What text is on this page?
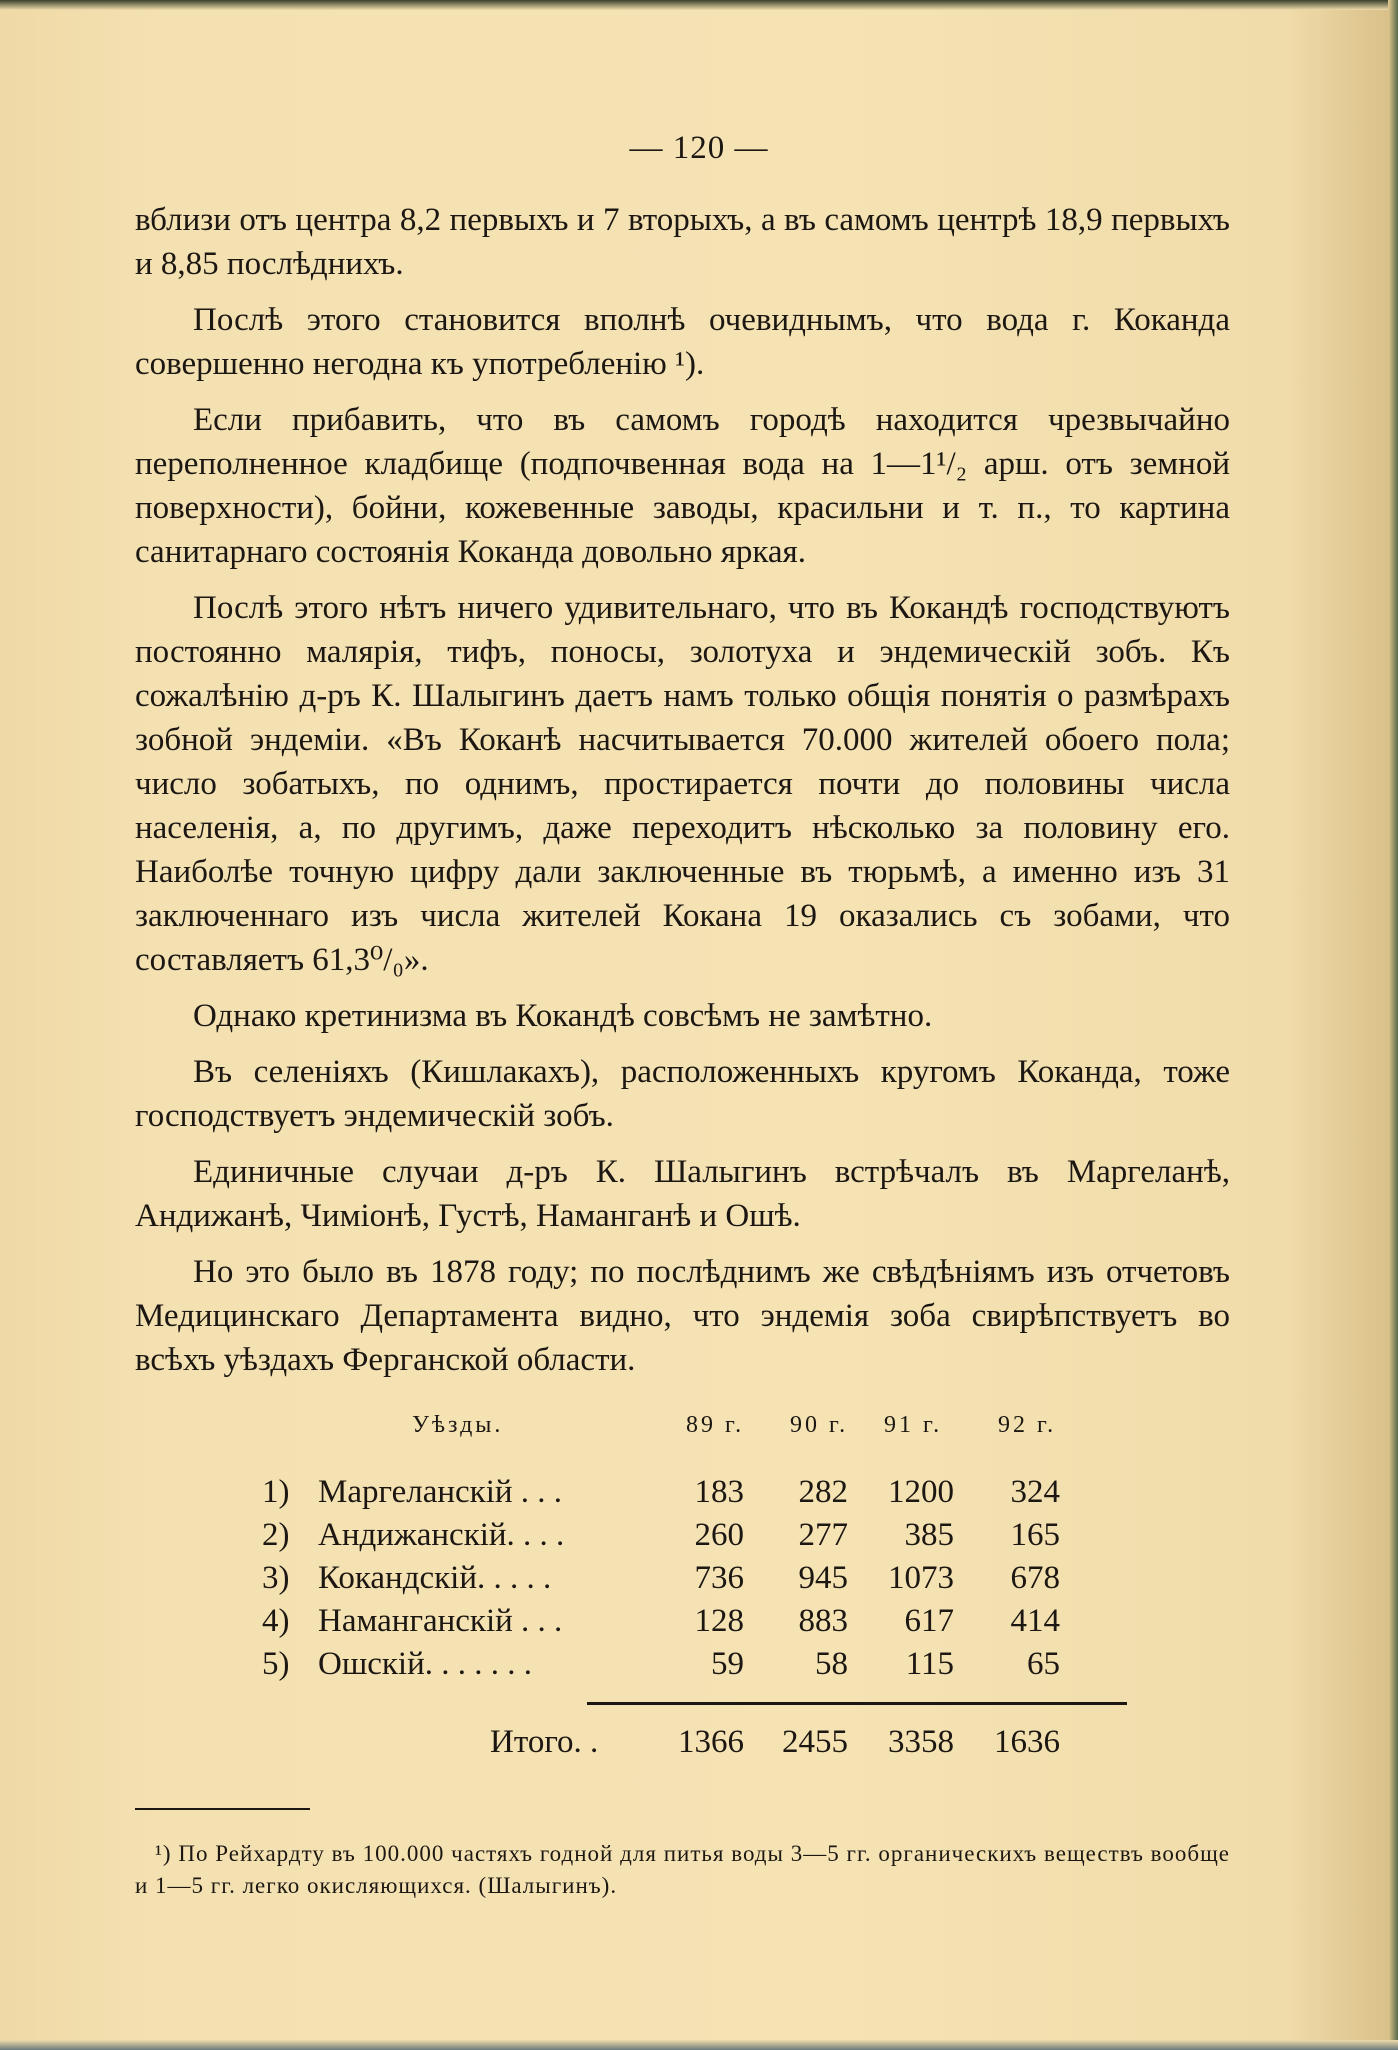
— 120 —

вблизи отъ центра 8,2 первыхъ и 7 вторыхъ, а въ самомъ центрѣ 18,9 первыхъ и 8,85 послѣднихъ.

Послѣ этого становится вполнѣ очевиднымъ, что вода г. Коканда совершенно негодна къ употребленію ¹).

Если прибавить, что въ самомъ городѣ находится чрезвычайно переполненное кладбище (подпочвенная вода на 1—1¹/₂ арш. отъ земной поверхности), бойни, кожевенные заводы, красильни и т. п., то картина санитарнаго состоянія Коканда довольно яркая.

Послѣ этого нѣтъ ничего удивительнаго, что въ Кокандѣ господствуютъ постоянно малярія, тифъ, поносы, золотуха и эндемическій зобъ. Къ сожалѣнію д-ръ К. Шалыгинъ даетъ намъ только общія понятія о размѣрахъ зобной эндеміи. «Въ Коканѣ насчитывается 70.000 жителей обоего пола; число зобатыхъ, по однимъ, простирается почти до половины числа населенія, а, по другимъ, даже переходитъ нѣсколько за половину его. Наиболѣе точную цифру дали заключенные въ тюрьмѣ, а именно изъ 31 заключеннаго изъ числа жителей Кокана 19 оказались съ зобами, что составляетъ 61,3⁰/₀».

Однако кретинизма въ Кокандѣ совсѣмъ не замѣтно.

Въ селеніяхъ (Кишлакахъ), расположенныхъ кругомъ Коканда, тоже господствуетъ эндемическій зобъ.

Единичные случаи д-ръ К. Шалыгинъ встрѣчалъ въ Маргеланѣ, Андижанѣ, Чиміонѣ, Густѣ, Наманганѣ и Ошѣ.

Но это было въ 1878 году; по послѣднимъ же свѣдѣніямъ изъ отчетовъ Медицинскаго Департамента видно, что эндемія зоба свирѣпствуетъ во всѣхъ уѣздахъ Ферганской области.

Уѣзды.	89 г. 90 г. 91 г. 92 г.
1) Маргеланскій . . .	183	282	1200	324
2) Андижанскій. . . .	260	277	385	165
3) Кокандскій. . . . .	736	945	1073	678
4) Наманганскій . . .	128	883	617	414
5) Ошскій. . . . . . .	59	58	115	65
Итого. .	1366	2455	3358	1636

¹) По Рейхардту въ 100.000 частяхъ годной для питья воды 3—5 гг. органическихъ веществъ вообще и 1—5 гг. легко окисляющихся. (Шалыгинъ).
